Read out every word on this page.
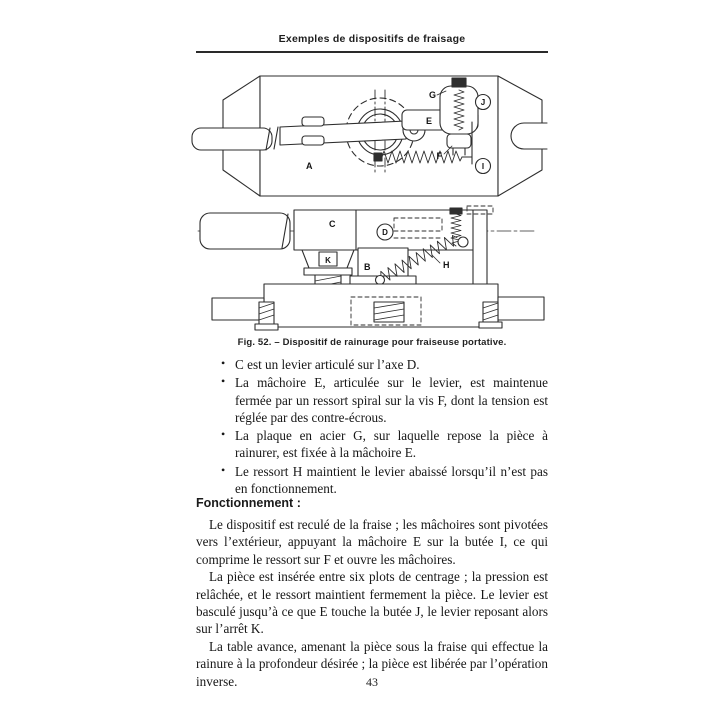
Exemples de dispositifs de fraisage
A
E
G
F
J
I
C
D
K
B	H
Fig. 52. – Dispositif de rainurage pour fraiseuse portative.
• C est un levier articulé sur l’axe D.
• La mâchoire E, articulée sur le levier, est maintenue fermée par un ressort spiral sur la vis F, dont la tension est réglée par des contre-écrous.
• La plaque en acier G, sur laquelle repose la pièce à rainurer, est fixée à la mâchoire E.
• Le ressort H maintient le levier abaissé lorsqu’il n’est pas en fonctionnement.
Fonctionnement :

Le dispositif est reculé de la fraise ; les mâchoires sont pivotées vers l’extérieur, appuyant la mâchoire E sur la butée I, ce qui comprime le ressort sur F et ouvre les mâchoires.

La pièce est insérée entre six plots de centrage ; la pression est relâchée, et le ressort maintient fermement la pièce. Le levier est basculé jusqu’à ce que E touche la butée J, le levier reposant alors sur l’arrêt K.

La table avance, amenant la pièce sous la fraise qui effectue la rainure à la profondeur désirée ; la pièce est libérée par l’opération inverse.	43
